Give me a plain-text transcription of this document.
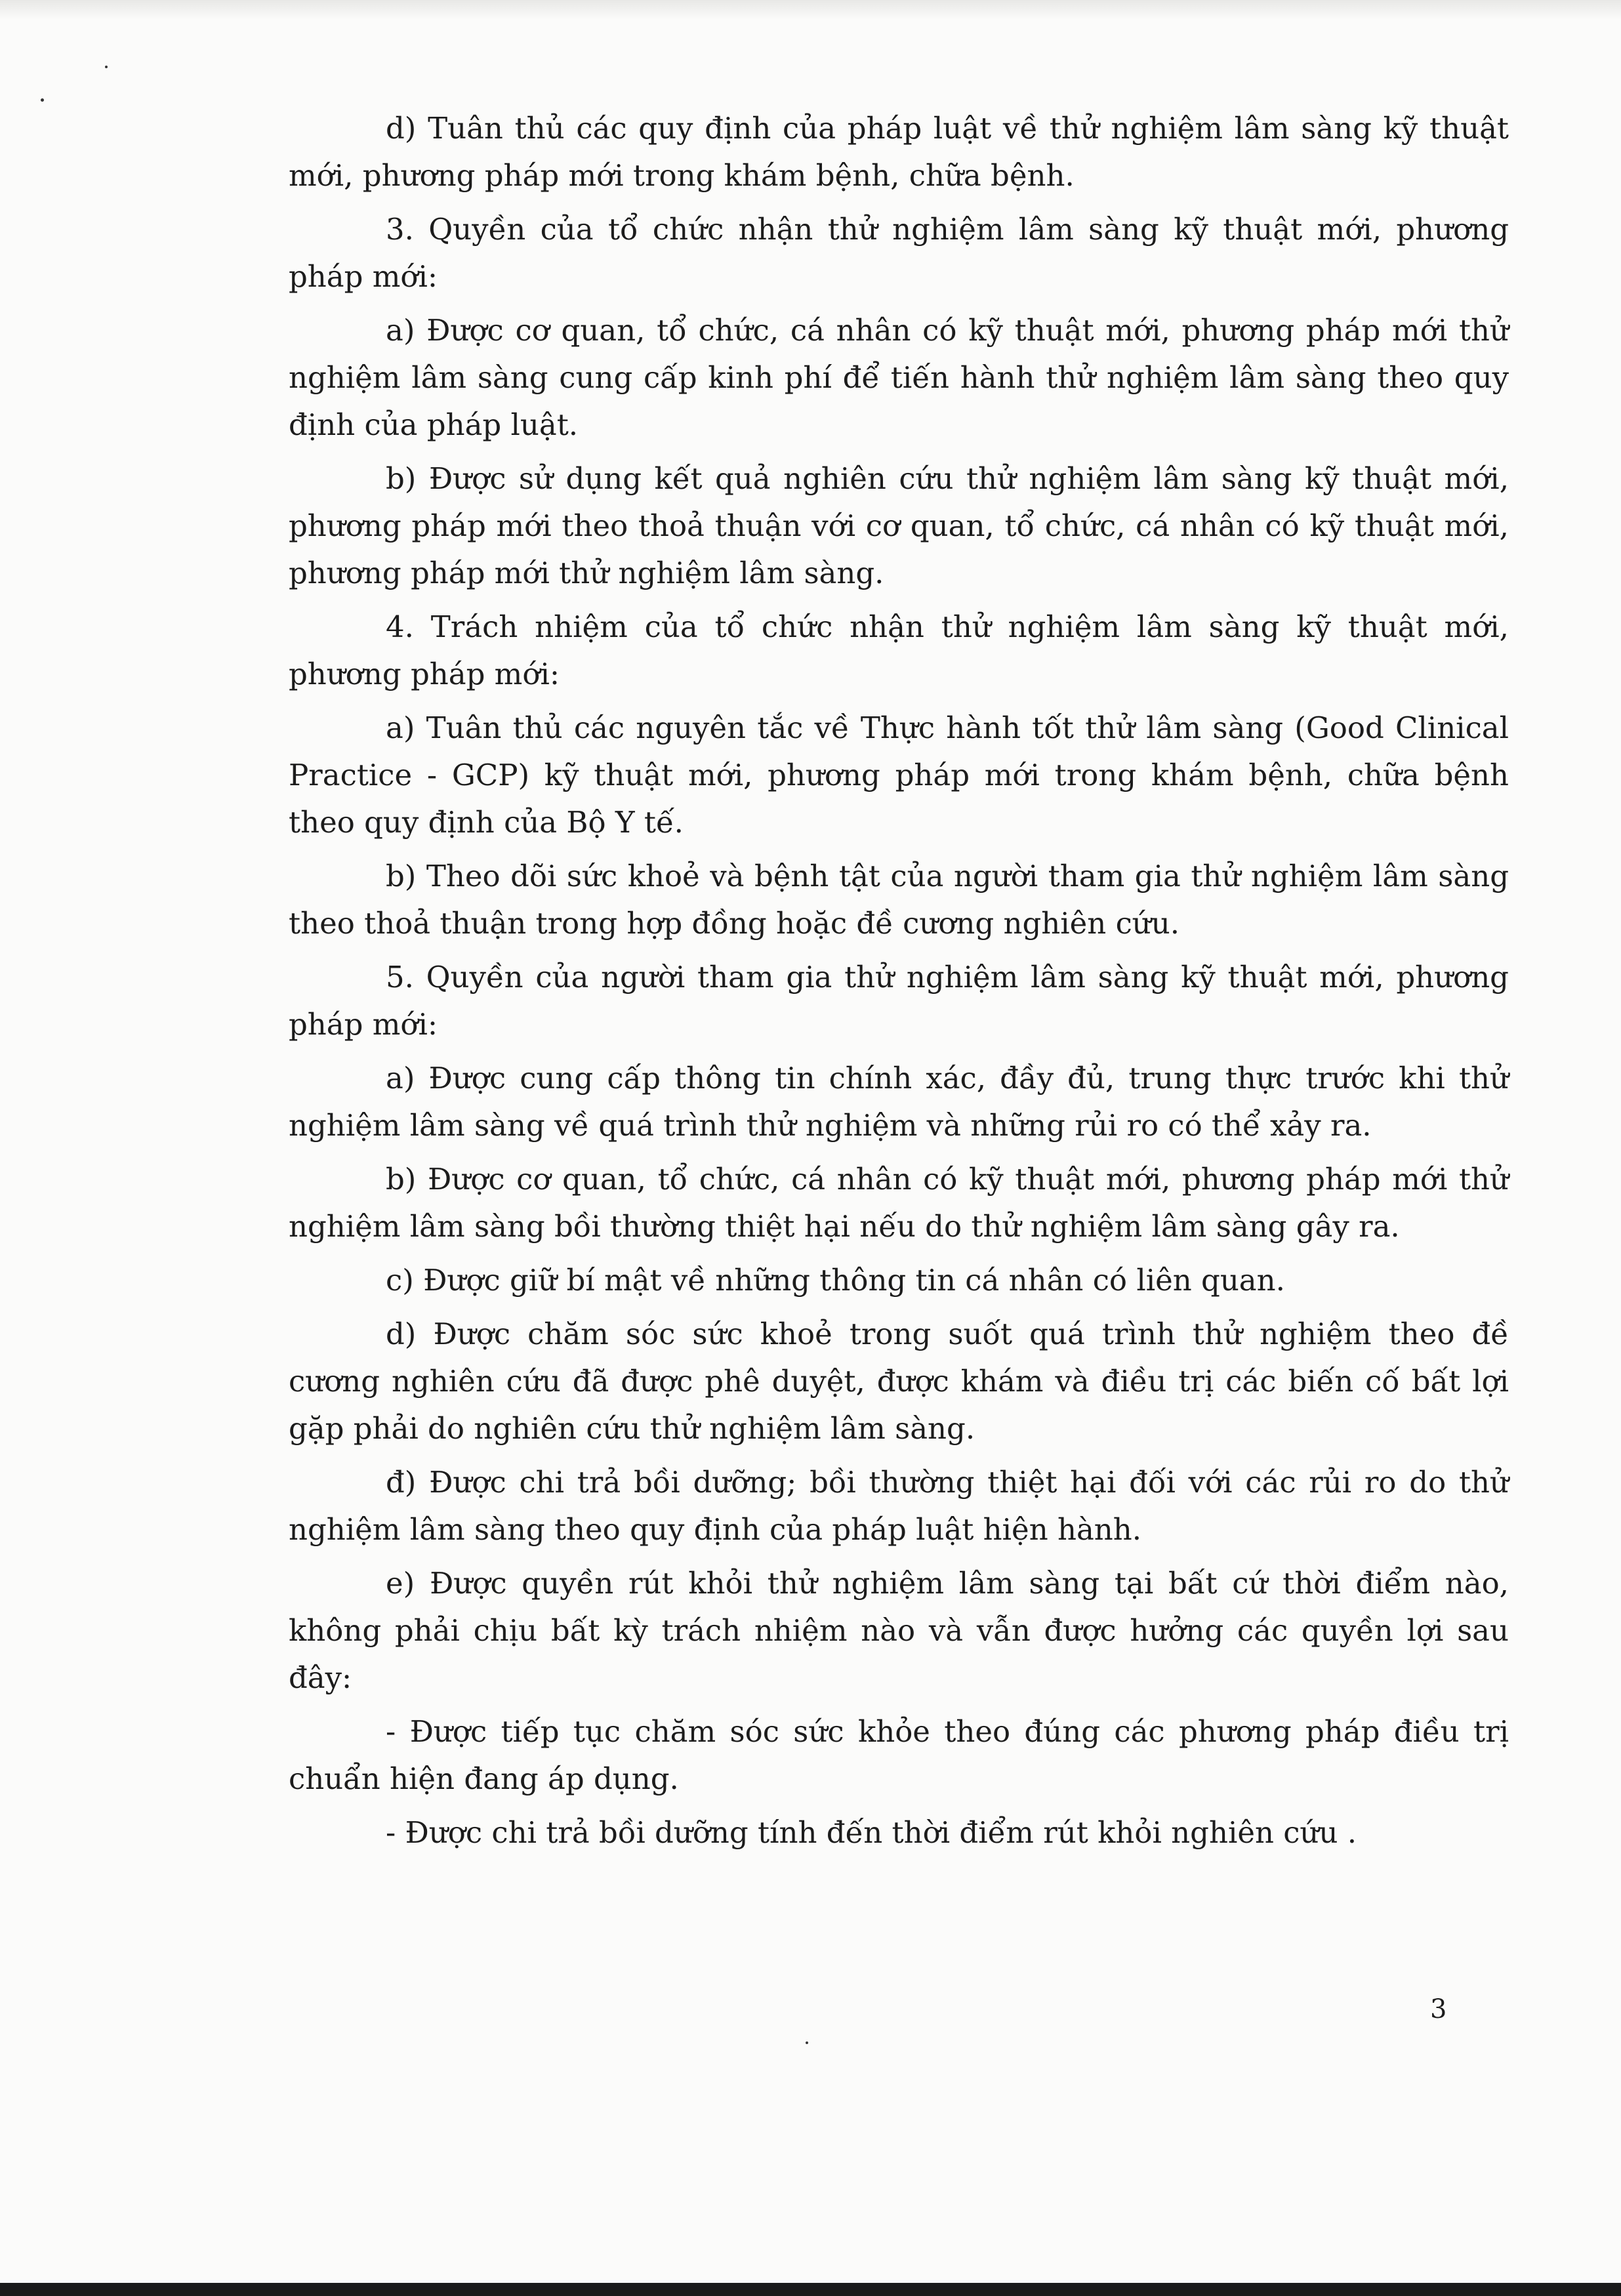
d) Tuân thủ các quy định của pháp luật về thử nghiệm lâm sàng kỹ thuật mới, phương pháp mới trong khám bệnh, chữa bệnh.

3. Quyền của tổ chức nhận thử nghiệm lâm sàng kỹ thuật mới, phương pháp mới:

a) Được cơ quan, tổ chức, cá nhân có kỹ thuật mới, phương pháp mới thử nghiệm lâm sàng cung cấp kinh phí để tiến hành thử nghiệm lâm sàng theo quy định của pháp luật.

b) Được sử dụng kết quả nghiên cứu thử nghiệm lâm sàng kỹ thuật mới, phương pháp mới theo thoả thuận với cơ quan, tổ chức, cá nhân có kỹ thuật mới, phương pháp mới thử nghiệm lâm sàng.

4. Trách nhiệm của tổ chức nhận thử nghiệm lâm sàng kỹ thuật mới, phương pháp mới:

a) Tuân thủ các nguyên tắc về Thực hành tốt thử lâm sàng (Good Clinical Practice - GCP) kỹ thuật mới, phương pháp mới trong khám bệnh, chữa bệnh theo quy định của Bộ Y tế.

b) Theo dõi sức khoẻ và bệnh tật của người tham gia thử nghiệm lâm sàng theo thoả thuận trong hợp đồng hoặc đề cương nghiên cứu.

5. Quyền của người tham gia thử nghiệm lâm sàng kỹ thuật mới, phương pháp mới:

a) Được cung cấp thông tin chính xác, đầy đủ, trung thực trước khi thử nghiệm lâm sàng về quá trình thử nghiệm và những rủi ro có thể xảy ra.

b) Được cơ quan, tổ chức, cá nhân có kỹ thuật mới, phương pháp mới thử nghiệm lâm sàng bồi thường thiệt hại nếu do thử nghiệm lâm sàng gây ra.

c) Được giữ bí mật về những thông tin cá nhân có liên quan.

d) Được chăm sóc sức khoẻ trong suốt quá trình thử nghiệm theo đề cương nghiên cứu đã được phê duyệt, được khám và điều trị các biến cố bất lợi gặp phải do nghiên cứu thử nghiệm lâm sàng.

đ) Được chi trả bồi dưỡng; bồi thường thiệt hại đối với các rủi ro do thử nghiệm lâm sàng theo quy định của pháp luật hiện hành.

e) Được quyền rút khỏi thử nghiệm lâm sàng tại bất cứ thời điểm nào, không phải chịu bất kỳ trách nhiệm nào và vẫn được hưởng các quyền lợi sau đây:

- Được tiếp tục chăm sóc sức khỏe theo đúng các phương pháp điều trị chuẩn hiện đang áp dụng.

- Được chi trả bồi dưỡng tính đến thời điểm rút khỏi nghiên cứu .

3
